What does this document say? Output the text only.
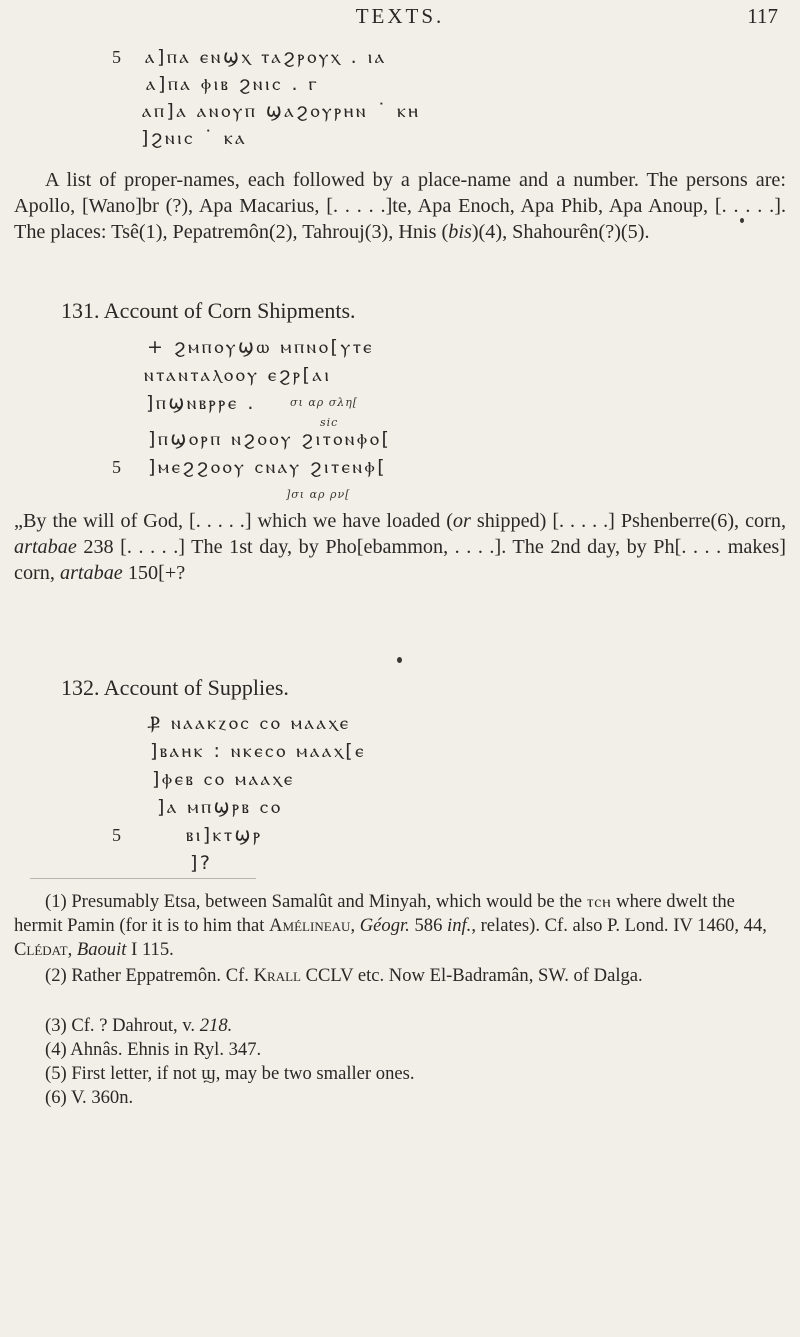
TEXTS.	117
5 ⲁ]ⲡⲁ ⲉⲛϣⲭ ⲧⲁϩⲣⲟⲩⲭ . ⲓⲁ
ⲁ]ⲡⲁ ⲫⲓⲃ ϩⲛⲓⲥ . ⲅ
ⲁⲡ]ⲁ ⲁⲛⲟⲩⲡ ϣⲁϩⲟⲩⲣⲏⲛ ˙ ⲕⲏ
]ϩⲛⲓⲥ ˙ ⲕⲁ

A list of proper-names, each followed by a place-name and a number. The persons are: Apollo, [Wano]br (?), Apa Macarius, [. . . . .]te, Apa Enoch, Apa Phib, Apa Anoup, [. . . . .]. The places: Tsê(1), Pepatremôn(2), Tahrouj(3), Hnis (bis)(4), Shahourên(?)(5).

131. Account of Corn Shipments.
+ ϩⲙⲡⲟⲩϣⲱ ⲙⲡⲛⲟ[ⲩⲧⲉ
ⲛⲧⲁⲛⲧⲁⲗⲟⲟⲩ ⲉϩⲣ[ⲁⲓ
]ⲡϣⲛⲃⲣⲣⲉ .	σι αρ σλη[
sic
]ⲡϣⲟⲣⲡ ⲛϩⲟⲟⲩ ϩⲓⲧⲟⲛⲫⲟ[
5 ]ⲙⲉϩϩⲟⲟⲩ ⲥⲛⲁⲩ ϩⲓⲧⲉⲛⲫ[
]σι αρ ρν[

„By the will of God, [. . . . .] which we have loaded (or shipped) [. . . . .] Pshenberre(6), corn, artabae 238 [. . . . .] The 1st day, by Pho[ebammon, . . . .]. The 2nd day, by Ph[. . . . makes] corn, artabae 150[+?

132. Account of Supplies.
Ⳁ ⲛⲁⲁⲕⲍⲟⲥ ⲥⲟ ⲙⲁⲁⲭⲉ
]ⲃⲁⲏⲕ : ⲛⲕⲉⲥⲟ ⲙⲁⲁⲭ[ⲉ
]ⲫⲉⲃ ⲥⲟ ⲙⲁⲁⲭⲉ
]ⲁ ⲙⲡϣⲣⲃ ⲥⲟ
5	ⲃⲓ]ⲕⲧϣⲣ
]?

(1) Presumably Etsa, between Samalût and Minyah, which would be the ⲧⲥⲏ where dwelt the hermit Pamin (for it is to him that Amélineau, Géogr. 586 inf., relates). Cf. also P. Lond. IV 1460, 44, Clédat, Baouit I 115.

(2) Rather Eppatremôn. Cf. Krall CCLV etc. Now El-Badramân, SW. of Dalga.

(3) Cf. ? Dahrout, v. 218.

(4) Ahnâs. Ehnis in Ryl. 347.

(5) First letter, if not ϣ, may be two smaller ones.

(6) V. 360n.
